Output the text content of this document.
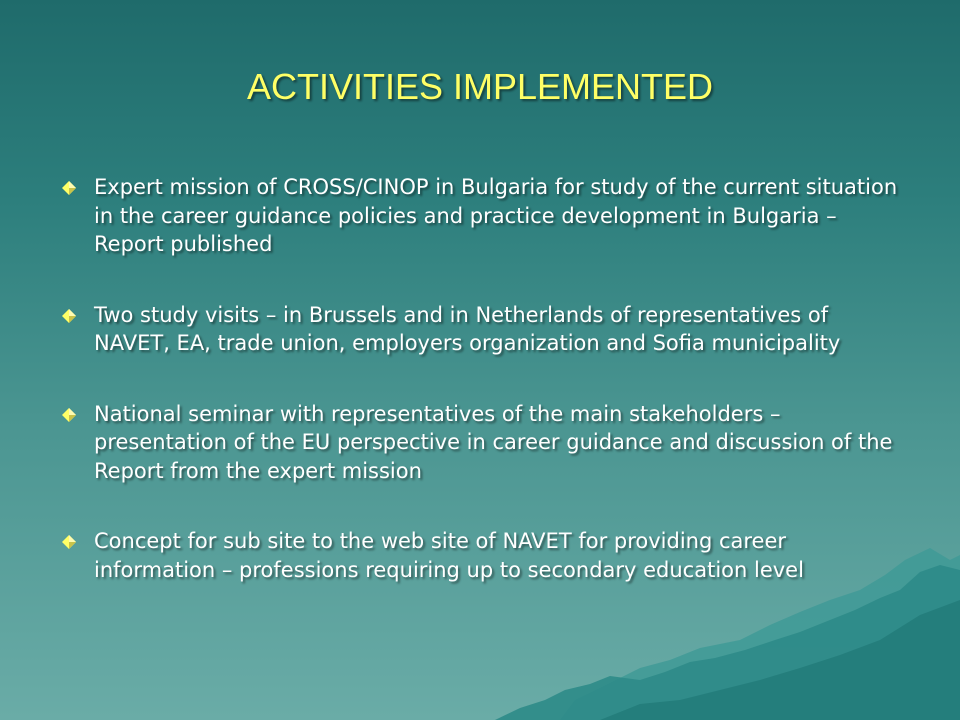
ACTIVITIES IMPLEMENTED
Expert mission of CROSS/CINOP in Bulgaria for study of the current situation in the career guidance policies and practice development in Bulgaria – Report published
Two study visits – in Brussels and in Netherlands of representatives of NAVET, EA, trade union, employers organization and Sofia municipality
National seminar with representatives of the main stakeholders – presentation of the EU perspective in career guidance and discussion of the Report from the expert mission
Concept for sub site to the web site of NAVET for providing career information – professions requiring up to secondary education level
